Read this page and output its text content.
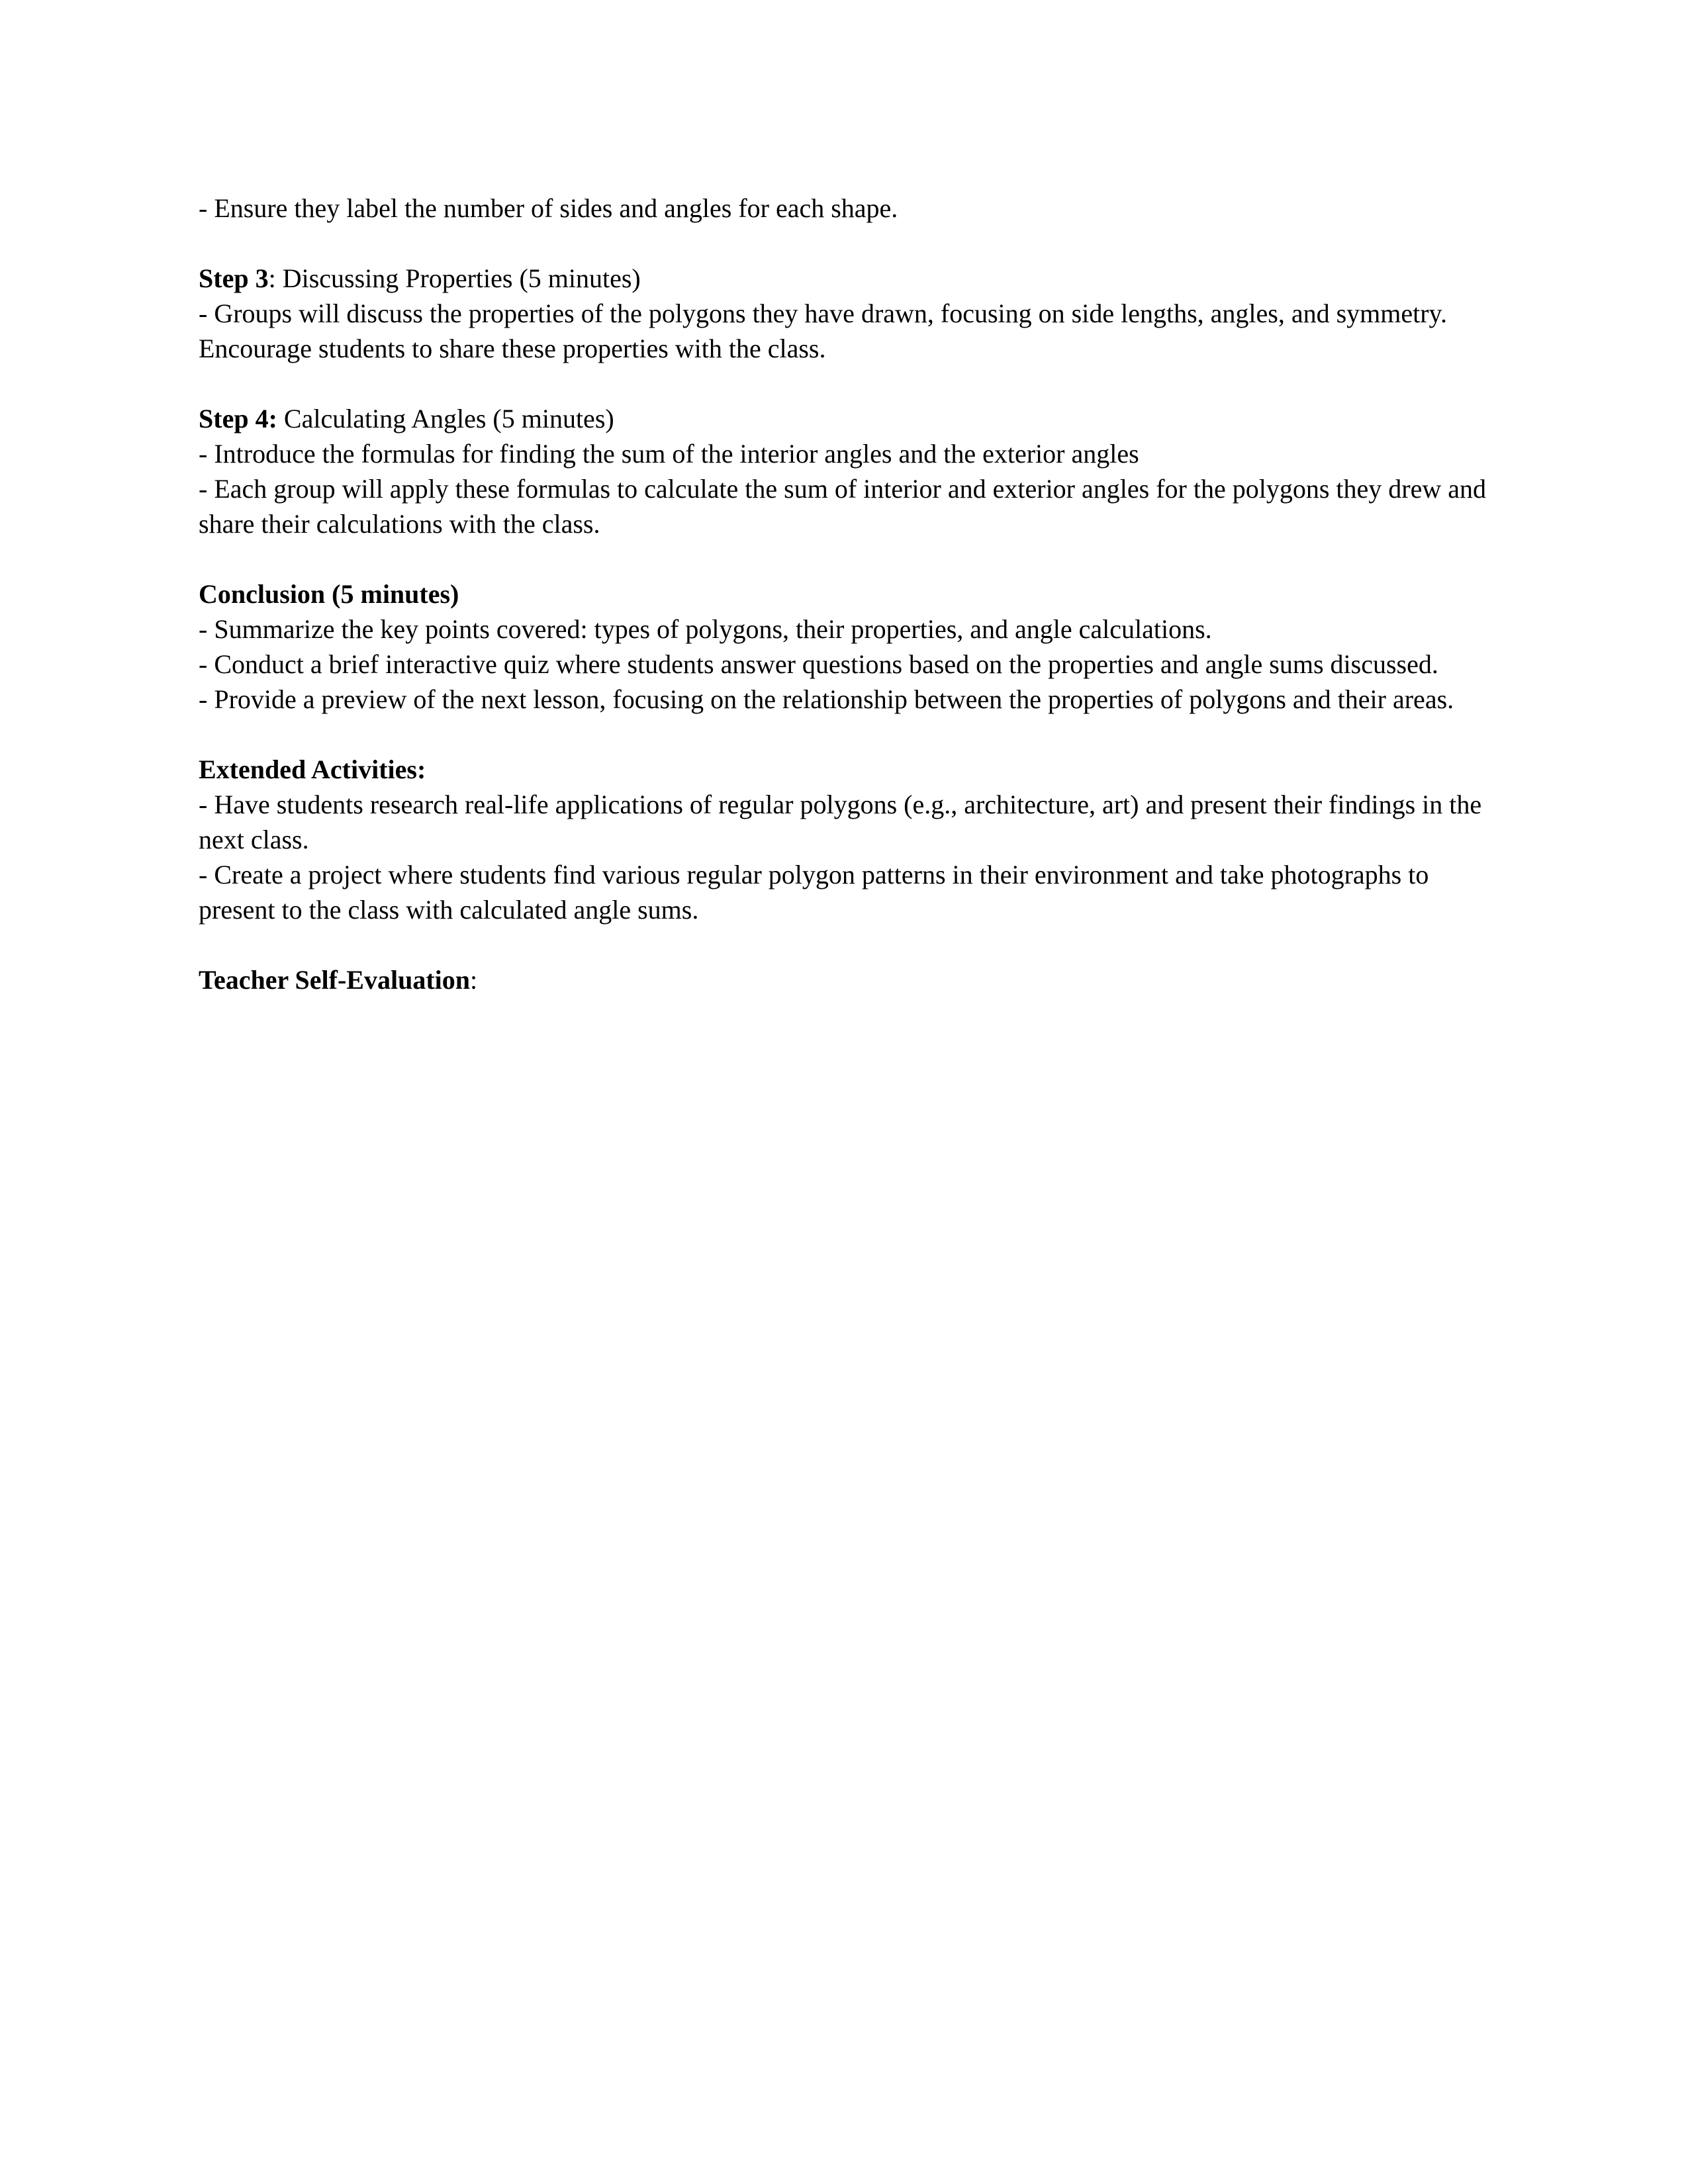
- Ensure they label the number of sides and angles for each shape.

Step 3: Discussing Properties (5 minutes)

- Groups will discuss the properties of the polygons they have drawn, focusing on side lengths, angles, and symmetry. Encourage students to share these properties with the class.

Step 4: Calculating Angles (5 minutes)

- Introduce the formulas for finding the sum of the interior angles and the exterior angles

- Each group will apply these formulas to calculate the sum of interior and exterior angles for the polygons they drew and share their calculations with the class.

Conclusion (5 minutes)

- Summarize the key points covered: types of polygons, their properties, and angle calculations.

- Conduct a brief interactive quiz where students answer questions based on the properties and angle sums discussed.

- Provide a preview of the next lesson, focusing on the relationship between the properties of polygons and their areas.

Extended Activities:

- Have students research real-life applications of regular polygons (e.g., architecture, art) and present their findings in the next class.

- Create a project where students find various regular polygon patterns in their environment and take photographs to present to the class with calculated angle sums.

Teacher Self-Evaluation:
